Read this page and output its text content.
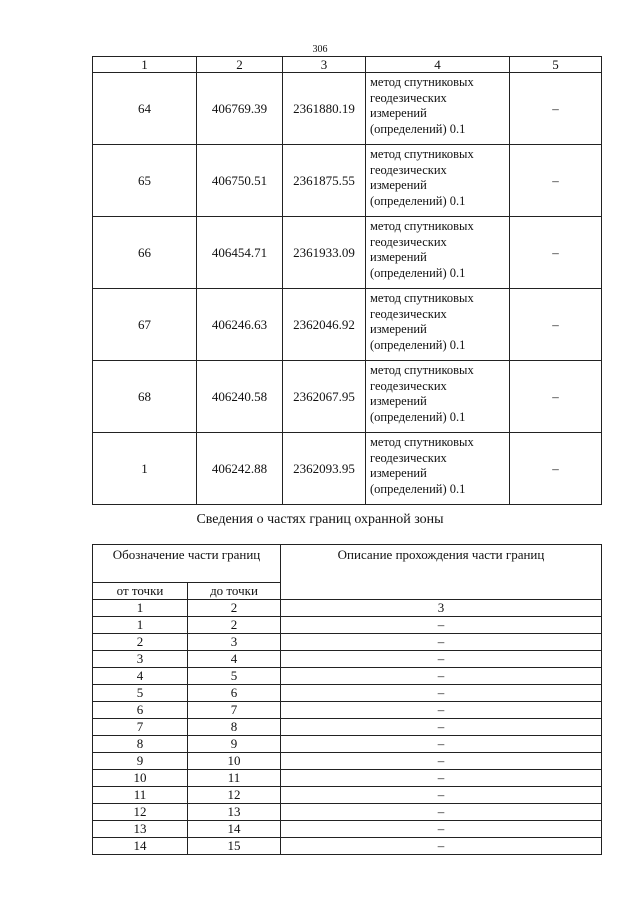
306
1	2	3	4	5
64	406769.39	2361880.19	метод спутниковых
геодезических
измерений
(определений) 0.1	–
65	406750.51	2361875.55	метод спутниковых
геодезических
измерений
(определений) 0.1	–
66	406454.71	2361933.09	метод спутниковых
геодезических
измерений
(определений) 0.1	–
67	406246.63	2362046.92	метод спутниковых
геодезических
измерений
(определений) 0.1	–
68	406240.58	2362067.95	метод спутниковых
геодезических
измерений
(определений) 0.1	–
1	406242.88	2362093.95	метод спутниковых
геодезических
измерений
(определений) 0.1	–
Сведения о частях границ охранной зоны
Обозначение части границ		Описание прохождения части границ
от точки	до точки	
1	2	3
1	2	–
2	3	–
3	4	–
4	5	–
5	6	–
6	7	–
7	8	–
8	9	–
9	10	–
10	11	–
11	12	–
12	13	–
13	14	–
14	15	–
